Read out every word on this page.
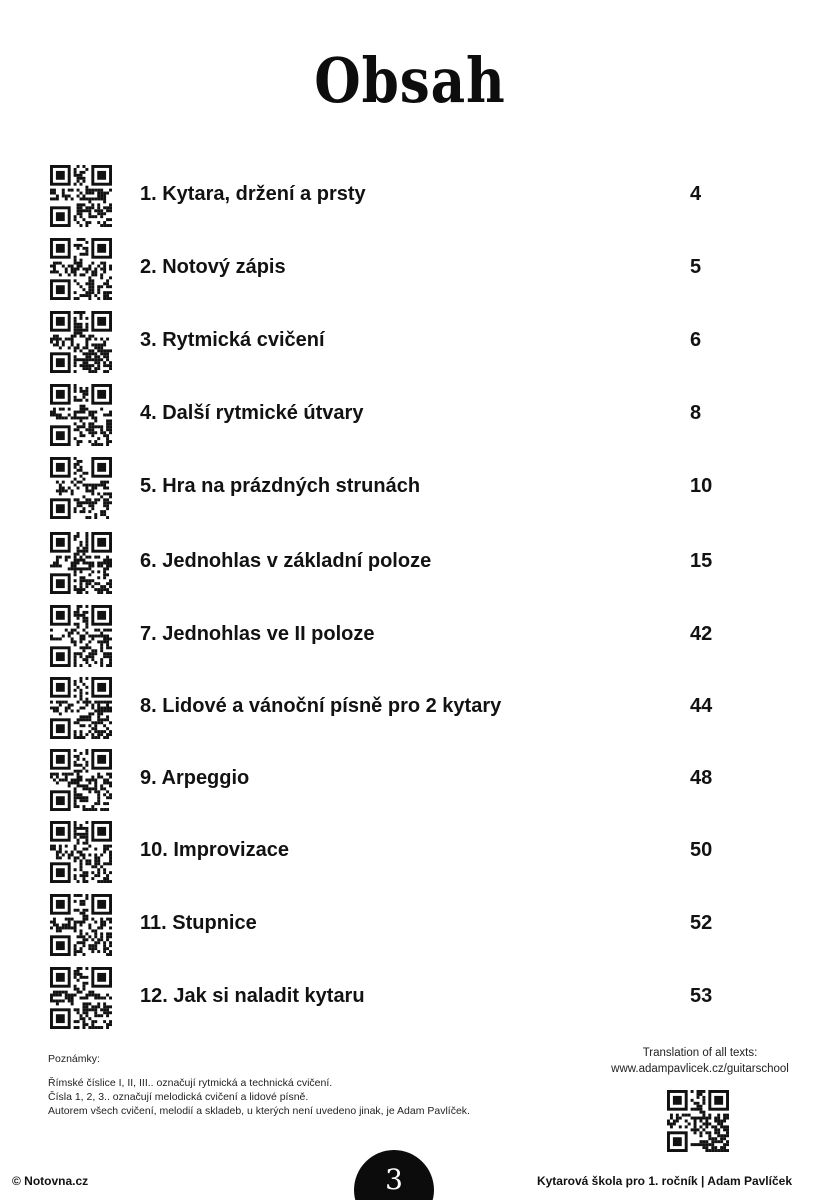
Obsah
1. Kytara, držení a prsty	4
2. Notový zápis	5
3. Rytmická cvičení	6
4. Další rytmické útvary	8
5. Hra na prázdných strunách	10
6. Jednohlas v základní poloze	15
7. Jednohlas ve II poloze	42
8. Lidové a vánoční písně pro 2 kytary	44
9. Arpeggio	48
10. Improvizace	50
11. Stupnice	52
12. Jak si naladit kytaru	53
Poznámky:
Římské číslice I, II, III.. označují rytmická a technická cvičení.
Čísla 1, 2, 3.. označují melodická cvičení a lidové písně.
Autorem všech cvičení, melodií a skladeb, u kterých není uvedeno jinak, je Adam Pavlíček.
Translation of all texts:
www.adampavlicek.cz/guitarschool
© Notovna.cz	3	Kytarová škola pro 1. ročník | Adam Pavlíček
